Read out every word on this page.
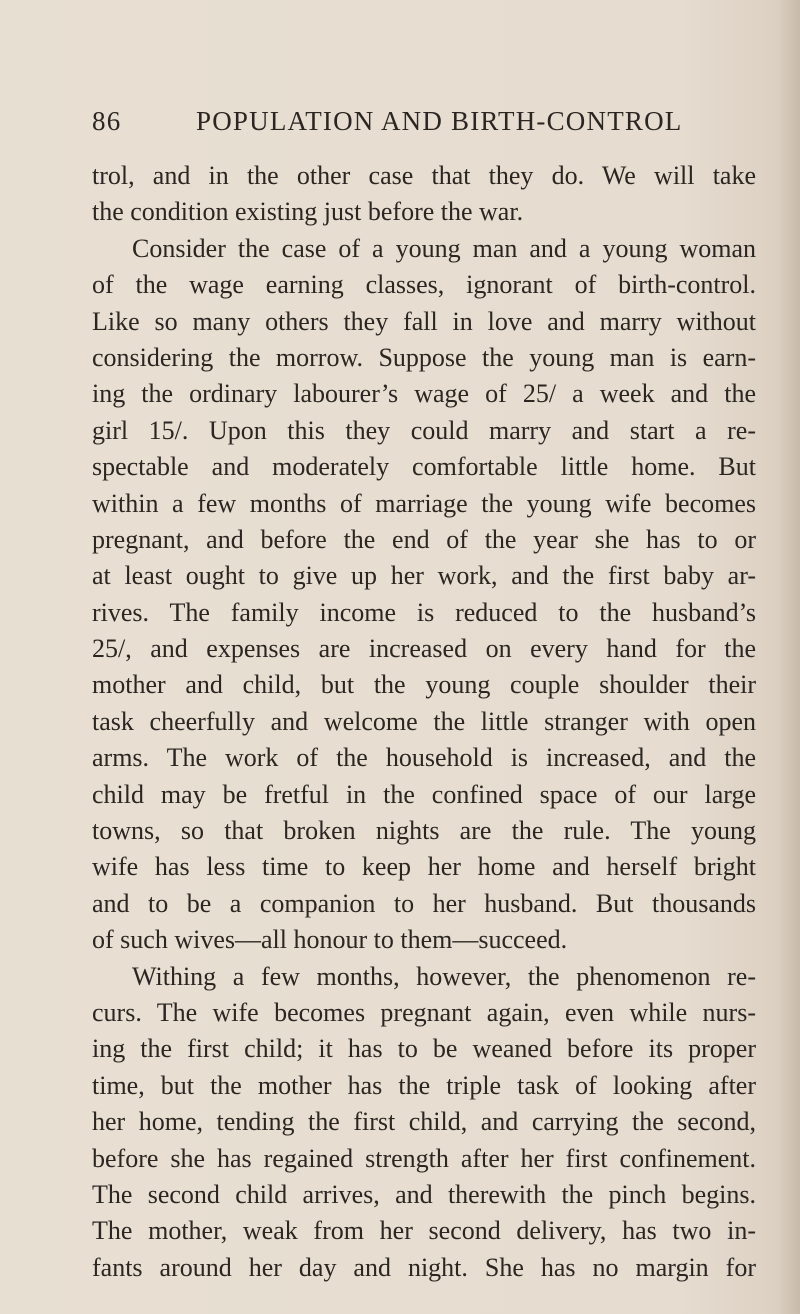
86	POPULATION AND BIRTH-CONTROL
trol, and in the other case that they do. We will take
the condition existing just before the war.
Consider the case of a young man and a young woman
of the wage earning classes, ignorant of birth-control.
Like so many others they fall in love and marry without
considering the morrow. Suppose the young man is earn-
ing the ordinary labourer’s wage of 25/ a week and the
girl 15/. Upon this they could marry and start a re-
spectable and moderately comfortable little home. But
within a few months of marriage the young wife becomes
pregnant, and before the end of the year she has to or
at least ought to give up her work, and the first baby ar-
rives. The family income is reduced to the husband’s
25/, and expenses are increased on every hand for the
mother and child, but the young couple shoulder their
task cheerfully and welcome the little stranger with open
arms. The work of the household is increased, and the
child may be fretful in the confined space of our large
towns, so that broken nights are the rule. The young
wife has less time to keep her home and herself bright
and to be a companion to her husband. But thousands
of such wives—all honour to them—succeed.
Withing a few months, however, the phenomenon re-
curs. The wife becomes pregnant again, even while nurs-
ing the first child; it has to be weaned before its proper
time, but the mother has the triple task of looking after
her home, tending the first child, and carrying the second,
before she has regained strength after her first confinement.
The second child arrives, and therewith the pinch begins.
The mother, weak from her second delivery, has two in-
fants around her day and night. She has no margin for
